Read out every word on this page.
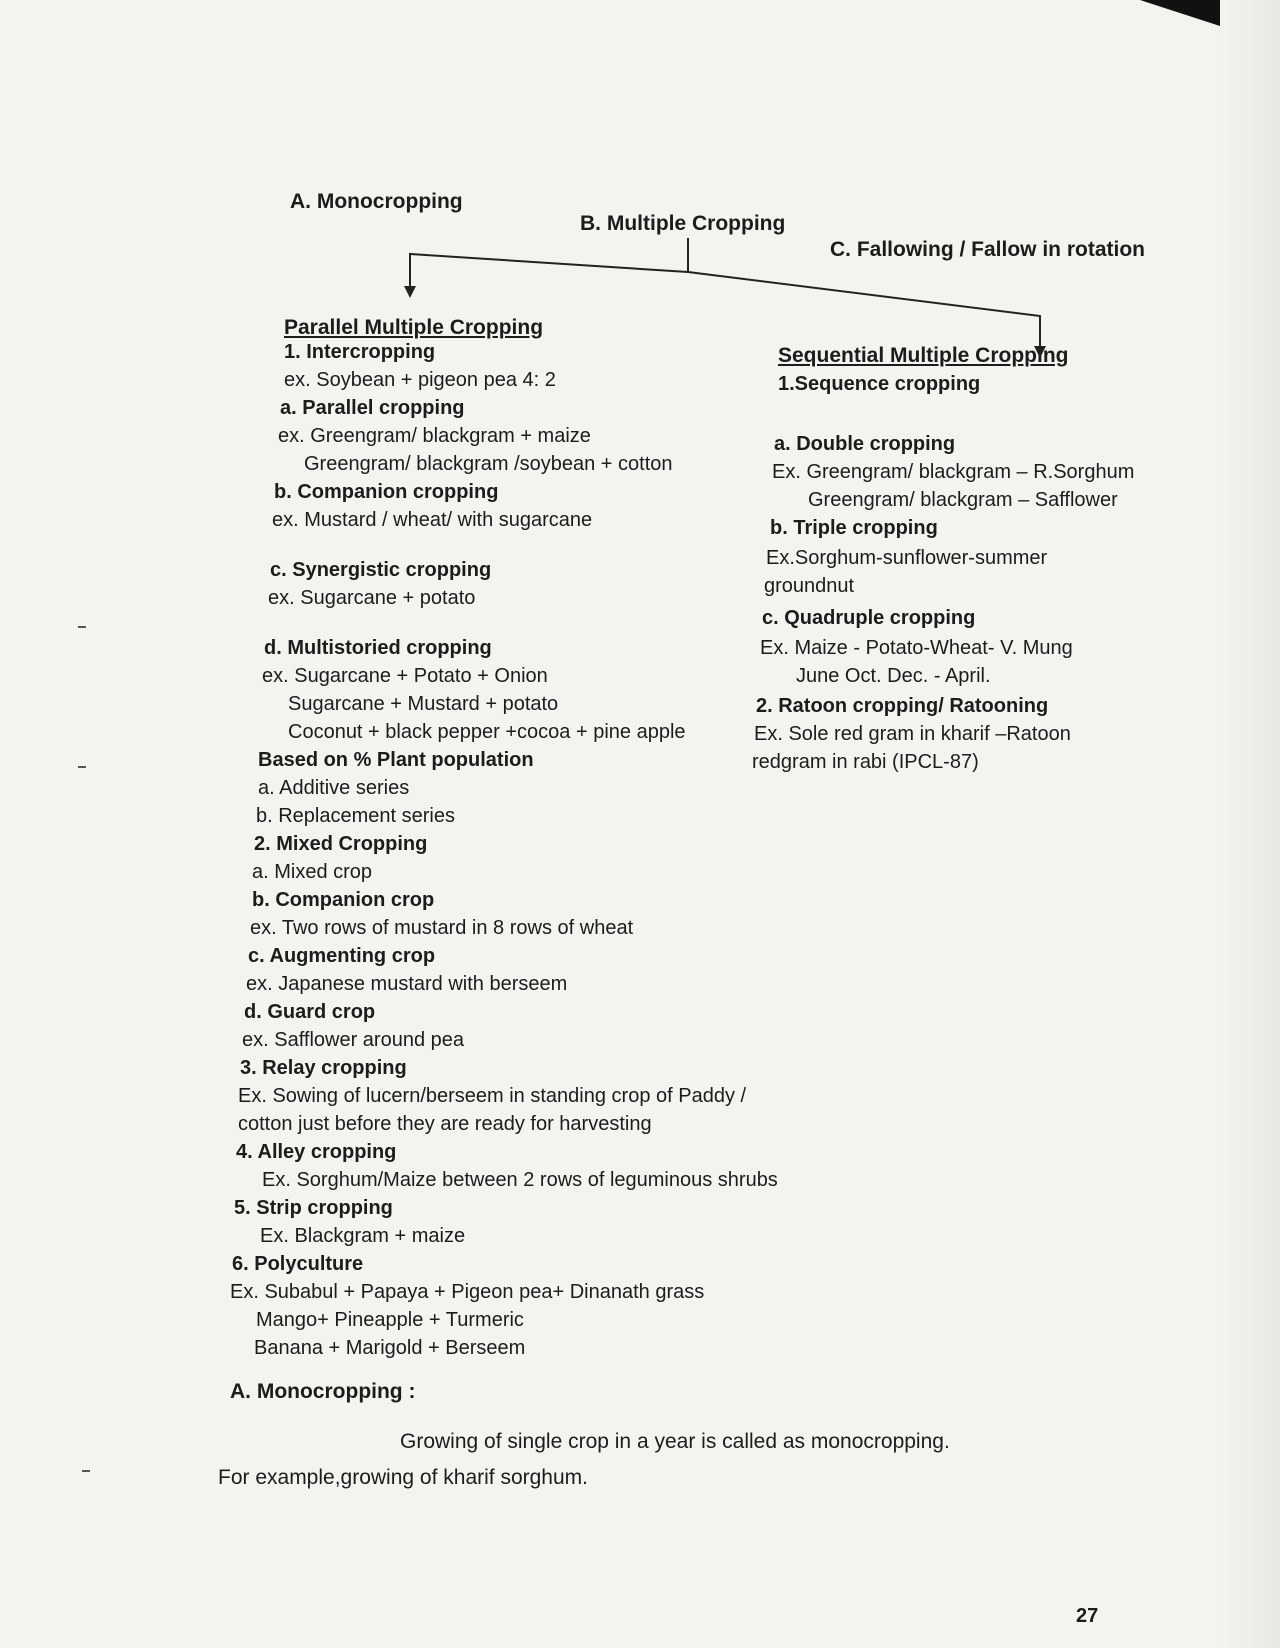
A. Monocropping
B. Multiple Cropping
C. Fallowing / Fallow in rotation
Parallel Multiple Cropping
1. Intercropping
ex. Soybean + pigeon pea 4: 2
a. Parallel cropping
ex. Greengram/ blackgram + maize
Greengram/ blackgram /soybean + cotton
b. Companion cropping
ex. Mustard / wheat/ with sugarcane
c. Synergistic cropping
ex. Sugarcane + potato
d. Multistoried cropping
ex. Sugarcane + Potato + Onion
Sugarcane + Mustard + potato
Coconut + black pepper +cocoa + pine apple
Based on % Plant population
a. Additive series
b. Replacement series
2. Mixed Cropping
a. Mixed crop
b. Companion crop
ex. Two rows of mustard in 8 rows of wheat
c. Augmenting crop
ex. Japanese mustard with berseem
d. Guard crop
ex. Safflower around pea
3. Relay cropping
Ex. Sowing of lucern/berseem in standing crop of Paddy /
cotton just before they are ready for harvesting
4. Alley cropping
Ex. Sorghum/Maize between 2 rows of leguminous shrubs
5. Strip cropping
Ex. Blackgram + maize
6. Polyculture
Ex. Subabul + Papaya + Pigeon pea+ Dinanath grass
Mango+ Pineapple + Turmeric
Banana + Marigold + Berseem
Sequential Multiple Cropping
1.Sequence cropping
a. Double cropping
Ex. Greengram/ blackgram – R.Sorghum
Greengram/ blackgram – Safflower
b. Triple cropping
Ex.Sorghum-sunflower-summer
groundnut
c. Quadruple cropping
Ex. Maize - Potato-Wheat- V. Mung
June Oct. Dec. - April.
2. Ratoon cropping/ Ratooning
Ex. Sole red gram in kharif –Ratoon
redgram in rabi (IPCL-87)
A. Monocropping :
Growing of single crop in a year is called as monocropping.
For example,growing of kharif sorghum.
27
